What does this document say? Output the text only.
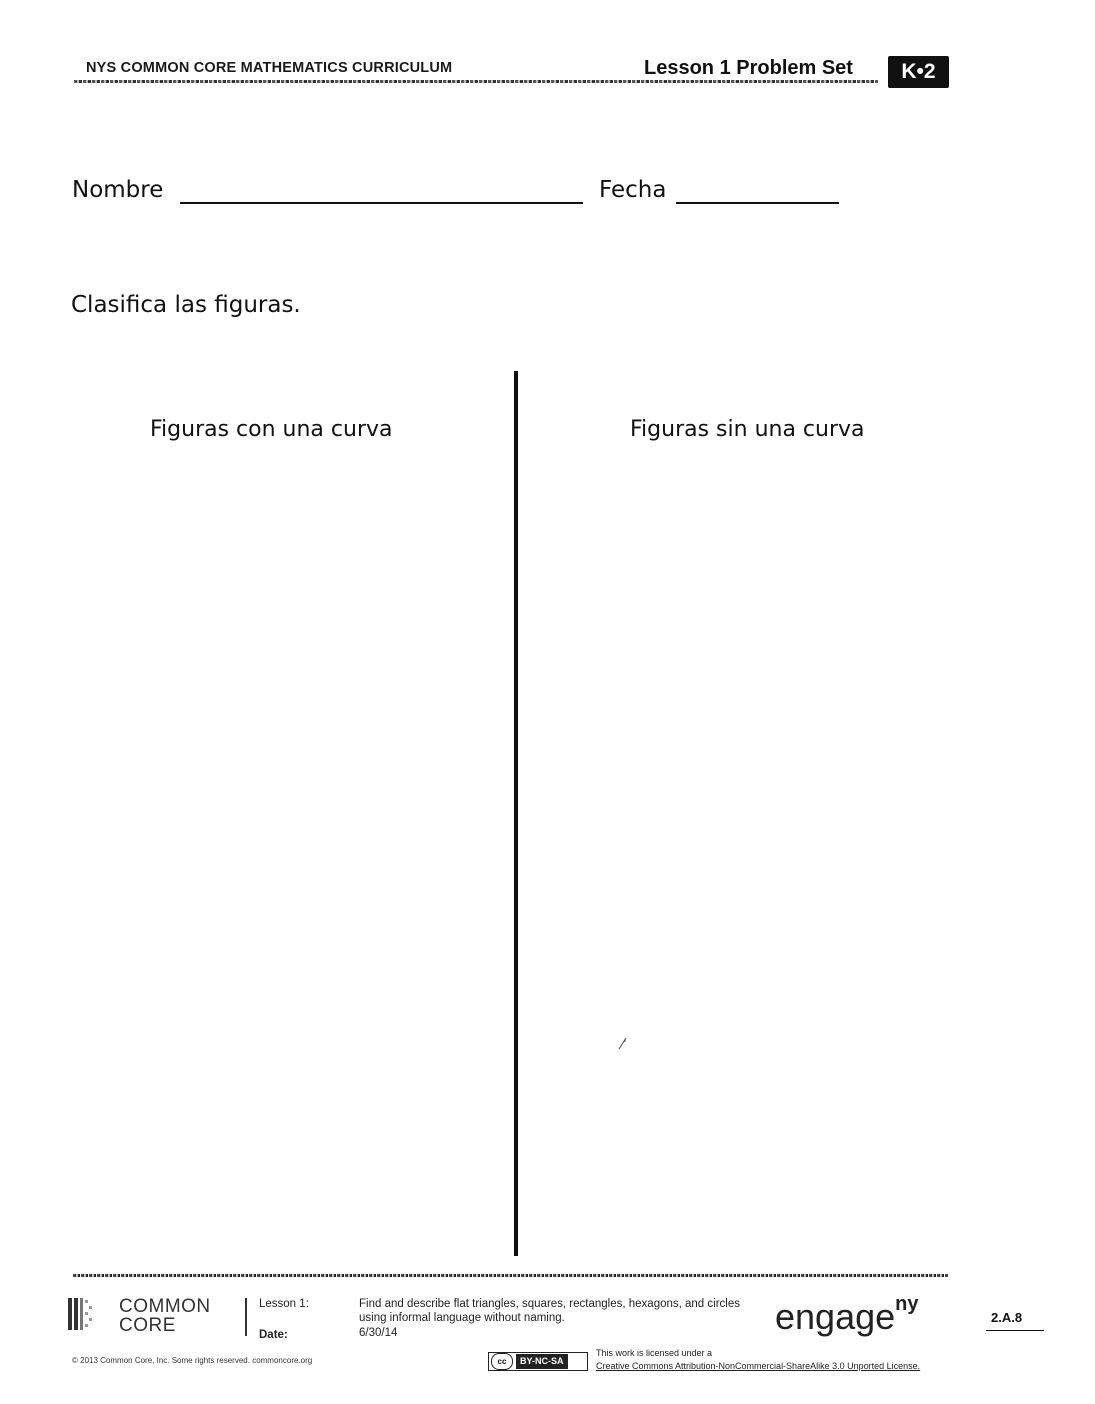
NYS COMMON CORE MATHEMATICS CURRICULUM	Lesson 1 Problem Set	K•2
Nombre	Fecha
Clasifica las figuras.
Figuras con una curva	Figuras sin una curva
COMMON
CORE
Lesson 1:
Date:
Find and describe flat triangles, squares, rectangles, hexagons, and circles using informal language without naming.
6/30/14	engageny
2.A.8
© 2013 Common Core, Inc. Some rights reserved. commoncore.org	cc	BY-NC-SA
This work is licensed under a
Creative Commons Attribution-NonCommercial-ShareAlike 3.0 Unported License.
